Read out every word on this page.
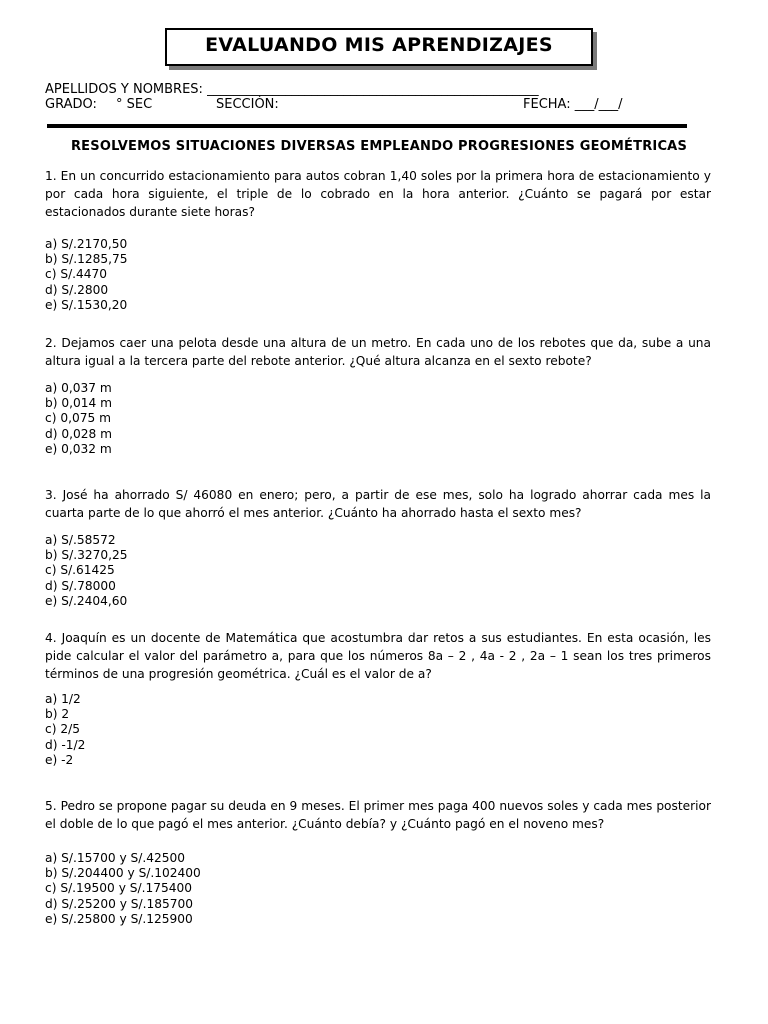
EVALUANDO MIS APRENDIZAJES
APELLIDOS Y NOMBRES: ___________________________________________________
GRADO: ° SEC	SECCIÓN:	FECHA: ___/___/
RESOLVEMOS SITUACIONES DIVERSAS EMPLEANDO PROGRESIONES GEOMÉTRICAS
1. En un concurrido estacionamiento para autos cobran 1,40 soles por la primera hora de estacionamiento y por cada hora siguiente, el triple de lo cobrado en la hora anterior. ¿Cuánto se pagará por estar estacionados durante siete horas?
a) S/.2170,50
b) S/.1285,75
c) S/.4470
d) S/.2800
e) S/.1530,20
2. Dejamos caer una pelota desde una altura de un metro. En cada uno de los rebotes que da, sube a una altura igual a la tercera parte del rebote anterior. ¿Qué altura alcanza en el sexto rebote?
a) 0,037 m
b) 0,014 m
c) 0,075 m
d) 0,028 m
e) 0,032 m
3. José ha ahorrado S/ 46080 en enero; pero, a partir de ese mes, solo ha logrado ahorrar cada mes la cuarta parte de lo que ahorró el mes anterior. ¿Cuánto ha ahorrado hasta el sexto mes?
a) S/.58572
b) S/.3270,25
c) S/.61425
d) S/.78000
e) S/.2404,60
4. Joaquín es un docente de Matemática que acostumbra dar retos a sus estudiantes. En esta ocasión, les pide calcular el valor del parámetro a, para que los números 8a – 2 , 4a - 2 , 2a – 1 sean los tres primeros términos de una progresión geométrica. ¿Cuál es el valor de a?
a) 1/2
b) 2
c) 2/5
d) -1/2
e) -2
5. Pedro se propone pagar su deuda en 9 meses. El primer mes paga 400 nuevos soles y cada mes posterior el doble de lo que pagó el mes anterior. ¿Cuánto debía? y ¿Cuánto pagó en el noveno mes?
a) S/.15700 y S/.42500
b) S/.204400 y S/.102400
c) S/.19500 y S/.175400
d) S/.25200 y S/.185700
e) S/.25800 y S/.125900
